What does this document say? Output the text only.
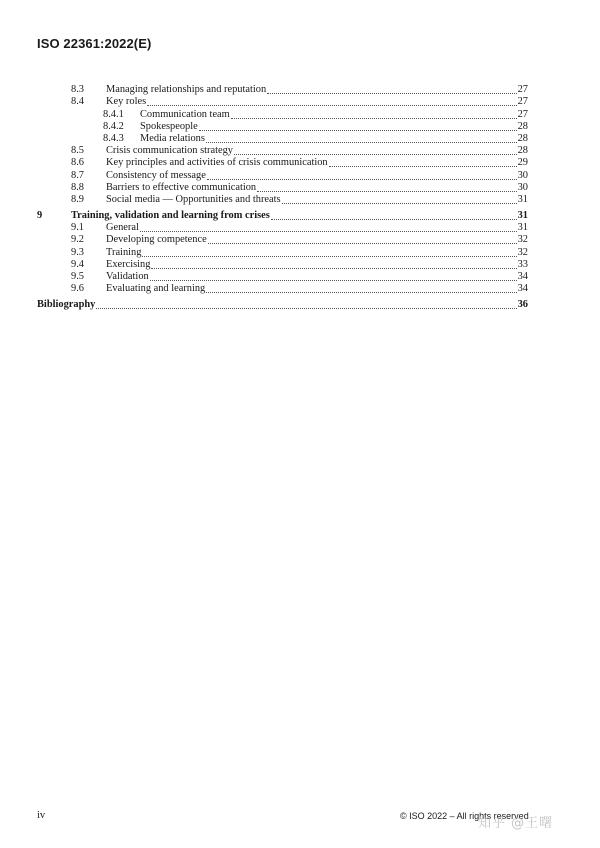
ISO 22361:2022(E)
8.3 Managing relationships and reputation	27
8.4 Key roles	27
8.4.1 Communication team	27
8.4.2 Spokespeople	28
8.4.3 Media relations	28
8.5 Crisis communication strategy	28
8.6 Key principles and activities of crisis communication	29
8.7 Consistency of message	30
8.8 Barriers to effective communication	30
8.9 Social media — Opportunities and threats	31
9	Training, validation and learning from crises	31
9.1 General	31
9.2 Developing competence	32
9.3 Training	32
9.4 Exercising	33
9.5 Validation	34
9.6 Evaluating and learning	34
Bibliography	36
iv	© ISO 2022 – All rights reserved
知乎 @王曙
